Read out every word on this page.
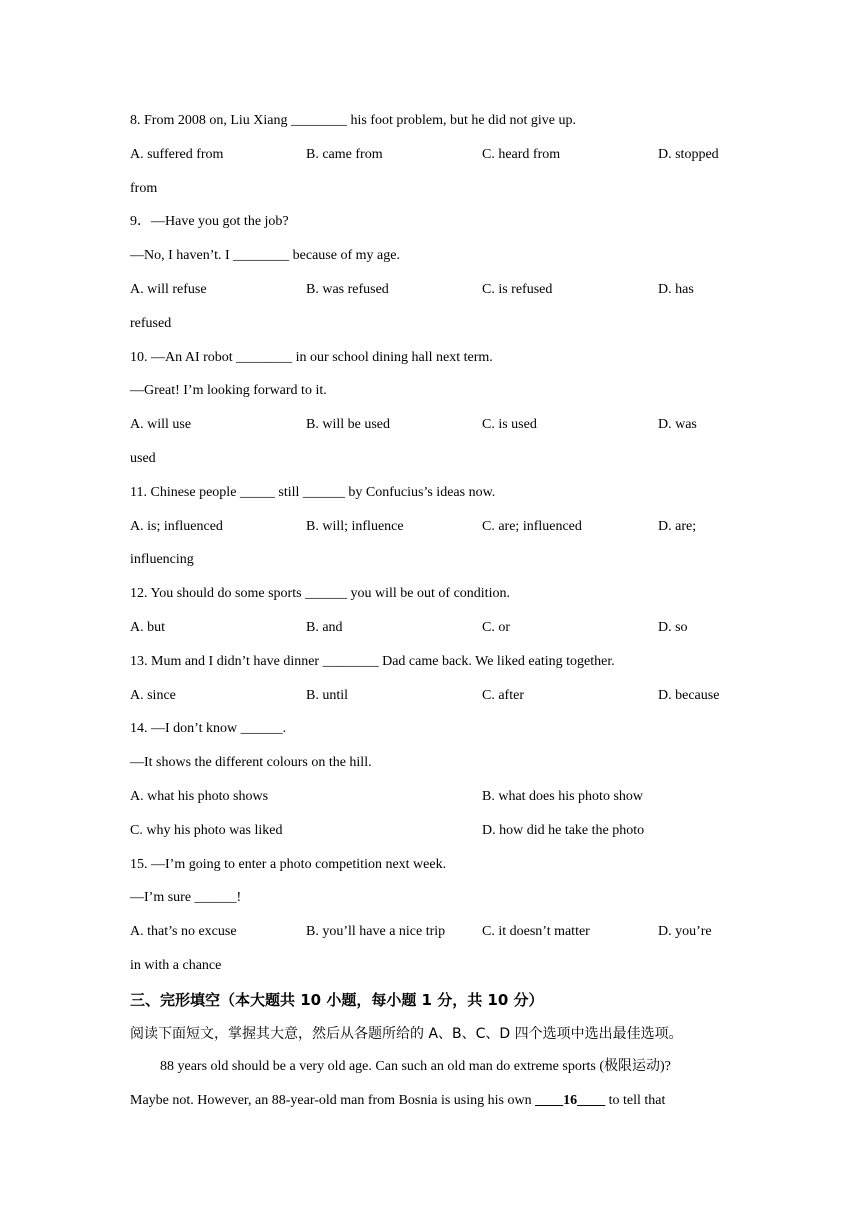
8. From 2008 on, Liu Xiang ________ his foot problem, but he did not give up.
A. suffered from	B. came from	C. heard from	D. stopped
from
9．—Have you got the job?
—No, I haven’t. I ________ because of my age.
A. will refuse	B. was refused	C. is refused	D. has
refused
10. —An AI robot ________ in our school dining hall next term.
—Great! I’m looking forward to it.
A. will use	B. will be used	C. is used	D. was
used
11. Chinese people _____ still ______ by Confucius’s ideas now.
A. is; influenced	B. will; influence	C. are; influenced	D. are;
influencing
12. You should do some sports ______ you will be out of condition.
A. but	B. and	C. or	D. so
13. Mum and I didn’t have dinner ________ Dad came back. We liked eating together.
A. since	B. until	C. after	D. because
14. —I don’t know ______.
—It shows the different colours on the hill.
A. what his photo shows	B. what does his photo show
C. why his photo was liked	D. how did he take the photo
15. —I’m going to enter a photo competition next week.
—I’m sure ______!
A. that’s no excuse	B. you’ll have a nice trip	C. it doesn’t matter	D. you’re
in with a chance
三、完形填空（本大题共 10 小题，每小题 1 分，共 10 分）
阅读下面短文，掌握其大意，然后从各题所给的 A、B、C、D 四个选项中选出最佳选项。
88 years old should be a very old age. Can such an old man do extreme sports (极限运动)?
Maybe not. However, an 88-year-old man from Bosnia is using his own ____16____ to tell that
